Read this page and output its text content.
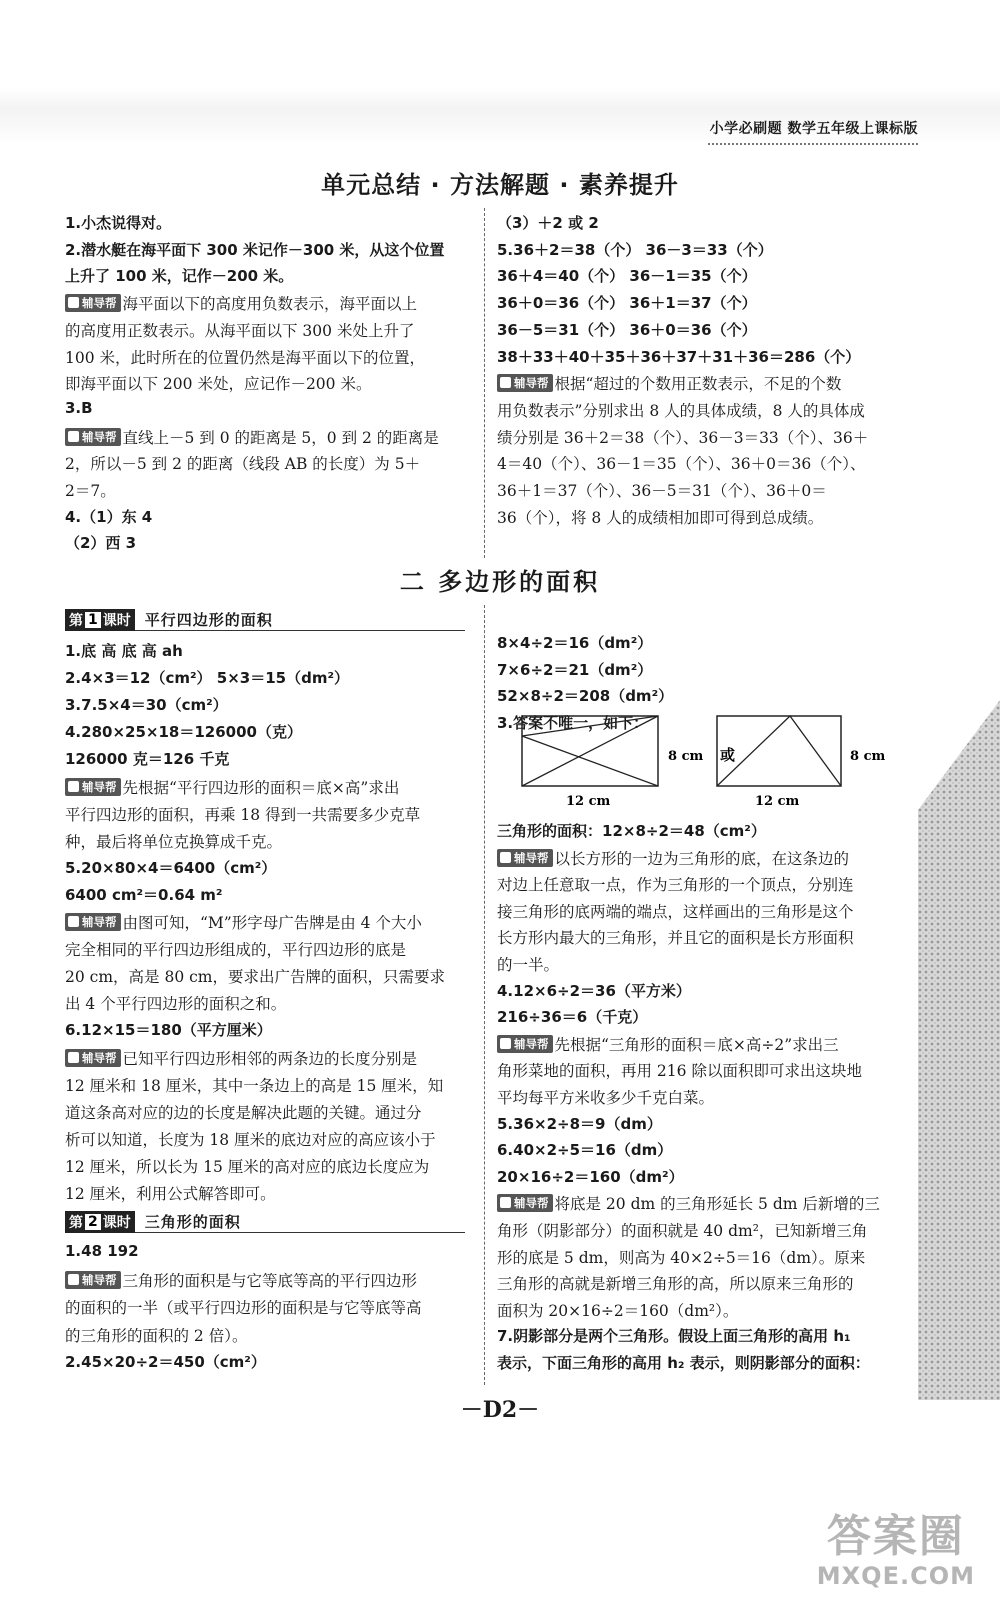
小学必刷题 数学五年级上课标版
单元总结 · 方法解题 · 素养提升
1.小杰说得对。
2.潜水艇在海平面下 300 米记作－300 米，从这个位置
上升了 100 米，记作－200 米。
辅导帮 海平面以下的高度用负数表示，海平面以上
的高度用正数表示。从海平面以下 300 米处上升了
100 米，此时所在的位置仍然是海平面以下的位置，
即海平面以下 200 米处，应记作－200 米。
3.B
辅导帮 直线上－5 到 0 的距离是 5，0 到 2 的距离是
2，所以－5 到 2 的距离（线段 AB 的长度）为 5＋
2＝7。
4.（1）东 4
（2）西 3
（3）＋2 或 2
5.36＋2＝38（个） 36－3＝33（个）
36＋4＝40（个） 36－1＝35（个）
36＋0＝36（个） 36＋1＝37（个）
36－5＝31（个） 36＋0＝36（个）
38＋33＋40＋35＋36＋37＋31＋36＝286（个）
辅导帮 根据“超过的个数用正数表示，不足的个数
用负数表示”分别求出 8 人的具体成绩，8 人的具体成
绩分别是 36＋2＝38（个）、36－3＝33（个）、36＋
4＝40（个）、36－1＝35（个）、36＋0＝36（个）、
36＋1＝37（个）、36－5＝31（个）、36＋0＝
36（个），将 8 人的成绩相加即可得到总成绩。
二 多边形的面积
第 1 课时 平行四边形的面积
1.底 高 底 高 ah
2.4×3＝12（cm²） 5×3＝15（dm²）
3.7.5×4＝30（cm²）
4.280×25×18＝126000（克）
126000 克＝126 千克
辅导帮 先根据“平行四边形的面积＝底×高”求出
平行四边形的面积，再乘 18 得到一共需要多少克草
种，最后将单位克换算成千克。
5.20×80×4＝6400（cm²）
6400 cm²＝0.64 m²
辅导帮 由图可知，“M”形字母广告牌是由 4 个大小
完全相同的平行四边形组成的，平行四边形的底是
20 cm，高是 80 cm，要求出广告牌的面积，只需要求
出 4 个平行四边形的面积之和。
6.12×15＝180（平方厘米）
辅导帮 已知平行四边形相邻的两条边的长度分别是
12 厘米和 18 厘米，其中一条边上的高是 15 厘米，知
道这条高对应的边的长度是解决此题的关键。通过分
析可以知道，长度为 18 厘米的底边对应的高应该小于
12 厘米，所以长为 15 厘米的高对应的底边长度应为
12 厘米，利用公式解答即可。
第 2 课时 三角形的面积
1.48 192
辅导帮 三角形的面积是与它等底等高的平行四边形
的面积的一半（或平行四边形的面积是与它等底等高
的三角形的面积的 2 倍）。
2.45×20÷2＝450（cm²）
8×4÷2＝16（dm²）
7×6÷2＝21（dm²）
52×8÷2＝208（dm²）
3.答案不唯一，如下：
12 cm
8 cm 或
12 cm
8 cm
三角形的面积：12×8÷2＝48（cm²）
辅导帮 以长方形的一边为三角形的底，在这条边的
对边上任意取一点，作为三角形的一个顶点，分别连
接三角形的底两端的端点，这样画出的三角形是这个
长方形内最大的三角形，并且它的面积是长方形面积
的一半。
4.12×6÷2＝36（平方米）
216÷36＝6（千克）
辅导帮 先根据“三角形的面积＝底×高÷2”求出三
角形菜地的面积，再用 216 除以面积即可求出这块地
平均每平方米收多少千克白菜。
5.36×2÷8＝9（dm）
6.40×2÷5＝16（dm）
20×16÷2＝160（dm²）
辅导帮 将底是 20 dm 的三角形延长 5 dm 后新增的三
角形（阴影部分）的面积就是 40 dm²，已知新增三角
形的底是 5 dm，则高为 40×2÷5＝16（dm）。原来
三角形的高就是新增三角形的高，所以原来三角形的
面积为 20×16÷2＝160（dm²）。
7.阴影部分是两个三角形。假设上面三角形的高用 h₁
表示，下面三角形的高用 h₂ 表示，则阴影部分的面积：
－D2－
答案圈
MXQE.COM
